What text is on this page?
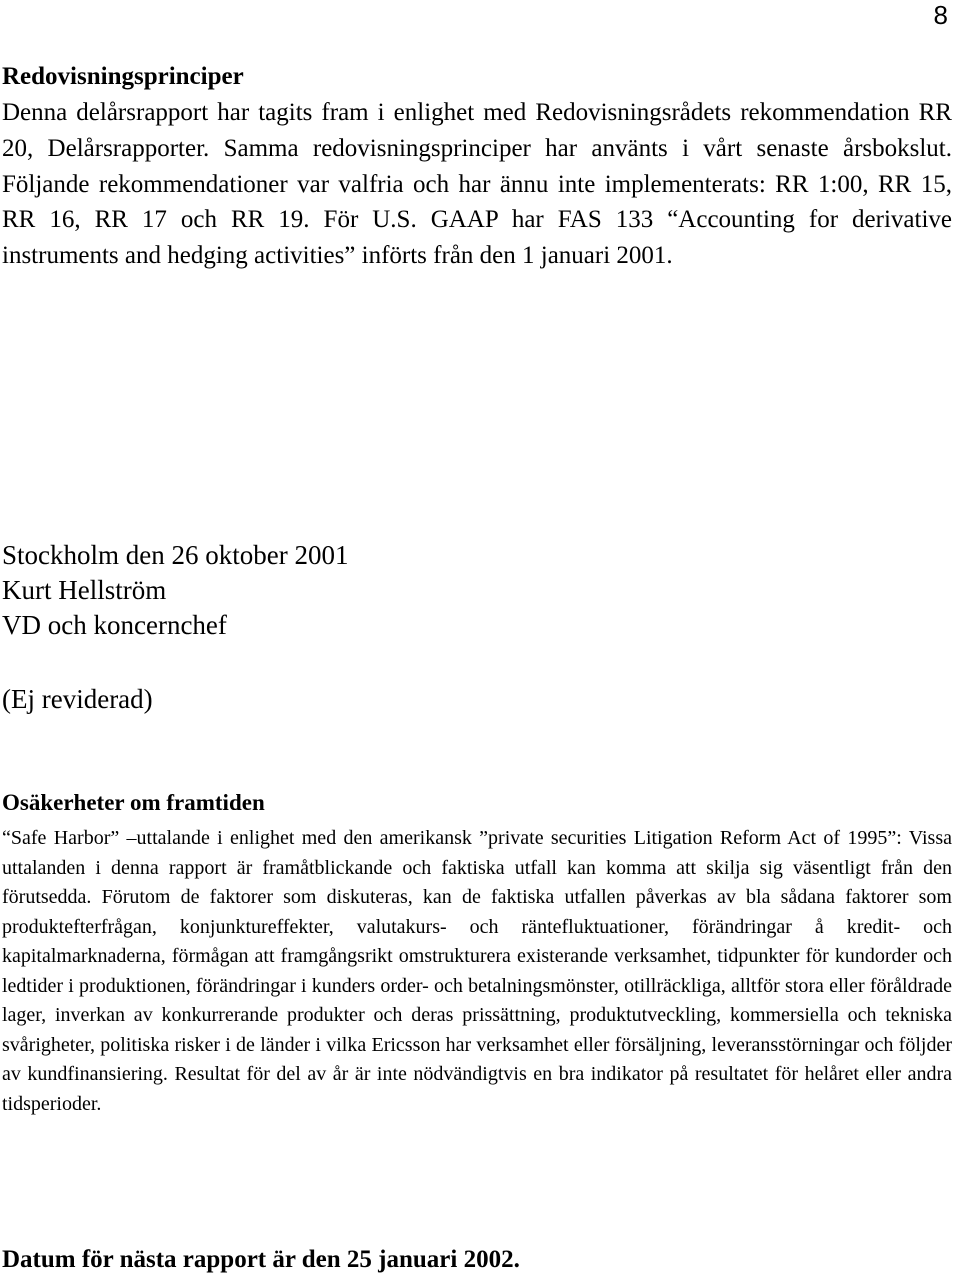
8
Redovisningsprinciper

Denna delårsrapport har tagits fram i enlighet med Redovisningsrådets rekommendation RR 20, Delårsrapporter. Samma redovisningsprinciper har använts i vårt senaste årsbokslut. Följande rekommendationer var valfria och har ännu inte implementerats: RR 1:00, RR 15, RR 16, RR 17 och RR 19. För U.S. GAAP har FAS 133 “Accounting for derivative instruments and hedging activities” införts från den 1 januari 2001.

Stockholm den 26 oktober 2001
Kurt Hellström
VD och koncernchef
(Ej reviderad)
Osäkerheter om framtiden

“Safe Harbor” –uttalande i enlighet med den amerikansk ”private securities Litigation Reform Act of 1995”: Vissa uttalanden i denna rapport är framåtblickande och faktiska utfall kan komma att skilja sig väsentligt från den förutsedda. Förutom de faktorer som diskuteras, kan de faktiska utfallen påverkas av bla sådana faktorer som produktefterfrågan, konjunktureffekter, valutakurs- och räntefluktuationer, förändringar å kredit- och kapitalmarknaderna, förmågan att framgångsrikt omstrukturera existerande verksamhet, tidpunkter för kundorder och ledtider i produktionen, förändringar i kunders order- och betalningsmönster, otillräckliga, alltför stora eller föråldrade lager, inverkan av konkurrerande produkter och deras prissättning, produktutveckling, kommersiella och tekniska svårigheter, politiska risker i de länder i vilka Ericsson har verksamhet eller försäljning, leveransstörningar och följder av kundfinansiering. Resultat för del av år är inte nödvändigtvis en bra indikator på resultatet för helåret eller andra tidsperioder.

Datum för nästa rapport är den 25 januari 2002.
